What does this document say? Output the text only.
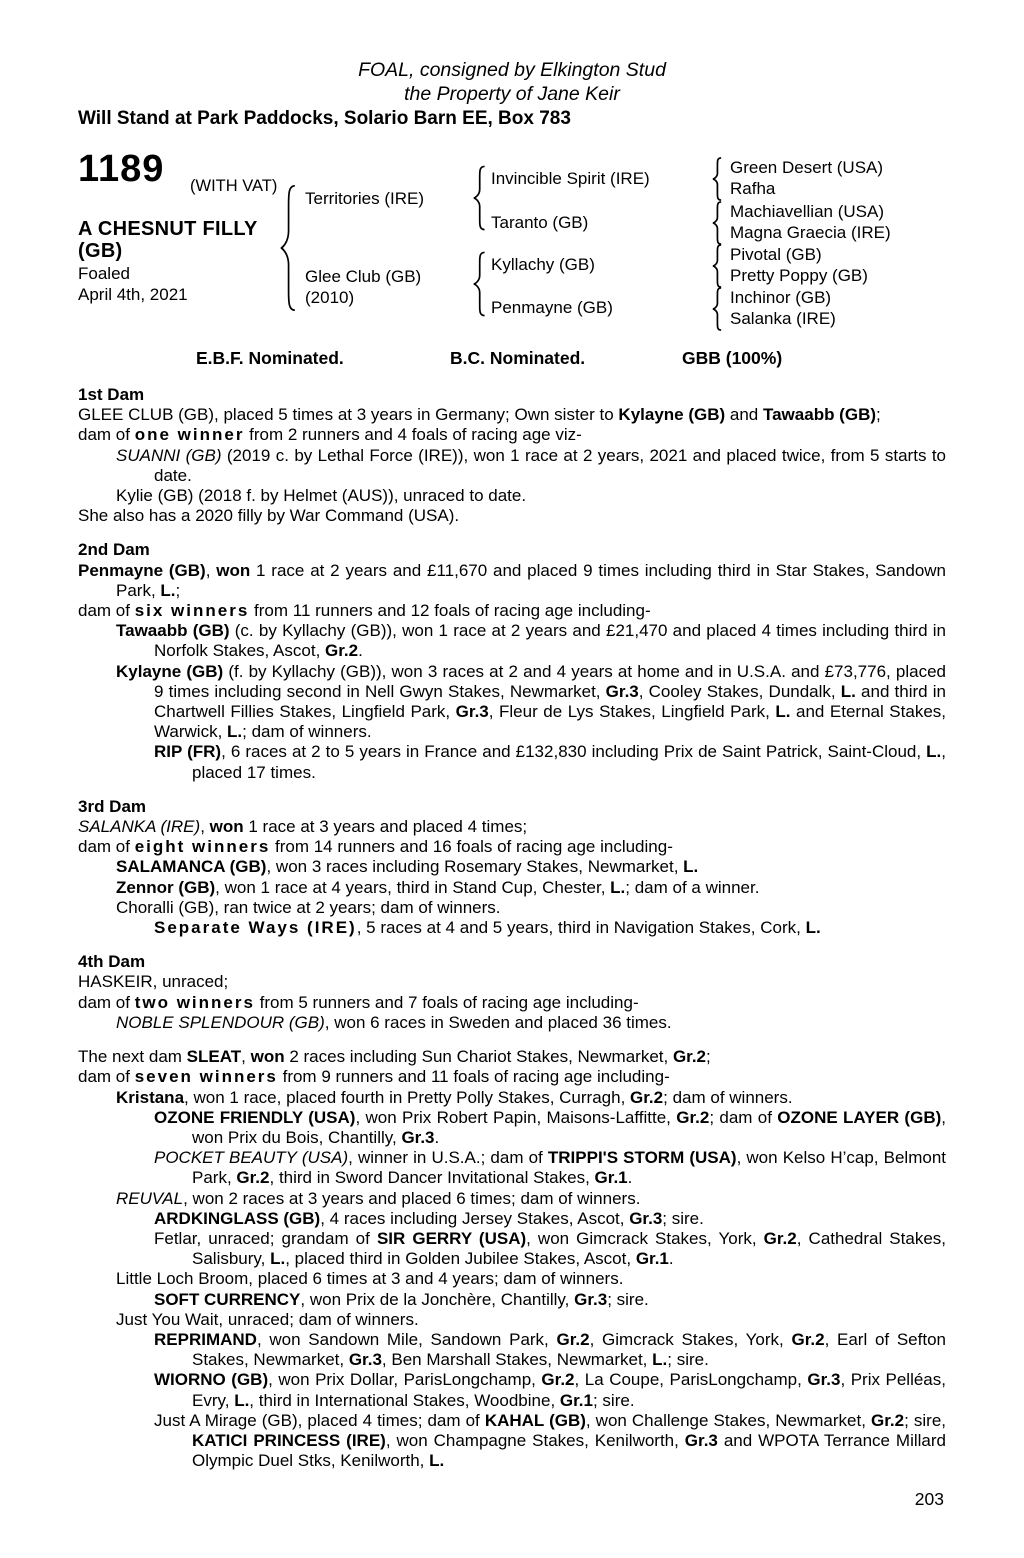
FOAL, consigned by Elkington Stud
the Property of Jane Keir
Will Stand at Park Paddocks, Solario Barn EE, Box 783
1189 (WITH VAT)
A CHESNUT FILLY
(GB)
Foaled
April 4th, 2021
Territories (IRE)
Glee Club (GB)
(2010)
Invincible Spirit (IRE)
Taranto (GB)
Kyllachy (GB)
Penmayne (GB)
Green Desert (USA)
Rafha
Machiavellian (USA)
Magna Graecia (IRE)
Pivotal (GB)
Pretty Poppy (GB)
Inchinor (GB)
Salanka (IRE)
E.B.F. Nominated.	B.C. Nominated.	GBB (100%)

1st Dam

GLEE CLUB (GB), placed 5 times at 3 years in Germany; Own sister to Kylayne (GB) and Tawaabb (GB);

dam of one winner from 2 runners and 4 foals of racing age viz-

SUANNI (GB) (2019 c. by Lethal Force (IRE)), won 1 race at 2 years, 2021 and placed twice, from 5 starts to date.

Kylie (GB) (2018 f. by Helmet (AUS)), unraced to date.

She also has a 2020 filly by War Command (USA).

2nd Dam

Penmayne (GB), won 1 race at 2 years and £11,670 and placed 9 times including third in Star Stakes, Sandown Park, L.;

dam of six winners from 11 runners and 12 foals of racing age including-

Tawaabb (GB) (c. by Kyllachy (GB)), won 1 race at 2 years and £21,470 and placed 4 times including third in Norfolk Stakes, Ascot, Gr.2.

Kylayne (GB) (f. by Kyllachy (GB)), won 3 races at 2 and 4 years at home and in U.S.A. and £73,776, placed 9 times including second in Nell Gwyn Stakes, Newmarket, Gr.3, Cooley Stakes, Dundalk, L. and third in Chartwell Fillies Stakes, Lingfield Park, Gr.3, Fleur de Lys Stakes, Lingfield Park, L. and Eternal Stakes, Warwick, L.; dam of winners.

RIP (FR), 6 races at 2 to 5 years in France and £132,830 including Prix de Saint Patrick, Saint-Cloud, L., placed 17 times.

3rd Dam

SALANKA (IRE), won 1 race at 3 years and placed 4 times;

dam of eight winners from 14 runners and 16 foals of racing age including-

SALAMANCA (GB), won 3 races including Rosemary Stakes, Newmarket, L.

Zennor (GB), won 1 race at 4 years, third in Stand Cup, Chester, L.; dam of a winner.

Choralli (GB), ran twice at 2 years; dam of winners.

Separate Ways (IRE), 5 races at 4 and 5 years, third in Navigation Stakes, Cork, L.

4th Dam

HASKEIR, unraced;

dam of two winners from 5 runners and 7 foals of racing age including-

NOBLE SPLENDOUR (GB), won 6 races in Sweden and placed 36 times.

The next dam SLEAT, won 2 races including Sun Chariot Stakes, Newmarket, Gr.2;

dam of seven winners from 9 runners and 11 foals of racing age including-

Kristana, won 1 race, placed fourth in Pretty Polly Stakes, Curragh, Gr.2; dam of winners.

OZONE FRIENDLY (USA), won Prix Robert Papin, Maisons-Laffitte, Gr.2; dam of OZONE LAYER (GB), won Prix du Bois, Chantilly, Gr.3.

POCKET BEAUTY (USA), winner in U.S.A.; dam of TRIPPI'S STORM (USA), won Kelso H’cap, Belmont Park, Gr.2, third in Sword Dancer Invitational Stakes, Gr.1.

REUVAL, won 2 races at 3 years and placed 6 times; dam of winners.

ARDKINGLASS (GB), 4 races including Jersey Stakes, Ascot, Gr.3; sire.

Fetlar, unraced; grandam of SIR GERRY (USA), won Gimcrack Stakes, York, Gr.2, Cathedral Stakes, Salisbury, L., placed third in Golden Jubilee Stakes, Ascot, Gr.1.

Little Loch Broom, placed 6 times at 3 and 4 years; dam of winners.

SOFT CURRENCY, won Prix de la Jonchère, Chantilly, Gr.3; sire.

Just You Wait, unraced; dam of winners.

REPRIMAND, won Sandown Mile, Sandown Park, Gr.2, Gimcrack Stakes, York, Gr.2, Earl of Sefton Stakes, Newmarket, Gr.3, Ben Marshall Stakes, Newmarket, L.; sire.

WIORNO (GB), won Prix Dollar, ParisLongchamp, Gr.2, La Coupe, ParisLongchamp, Gr.3, Prix Pelléas, Evry, L., third in International Stakes, Woodbine, Gr.1; sire.

Just A Mirage (GB), placed 4 times; dam of KAHAL (GB), won Challenge Stakes, Newmarket, Gr.2; sire, KATICI PRINCESS (IRE), won Champagne Stakes, Kenilworth, Gr.3 and WPOTA Terrance Millard Olympic Duel Stks, Kenilworth, L.

203
